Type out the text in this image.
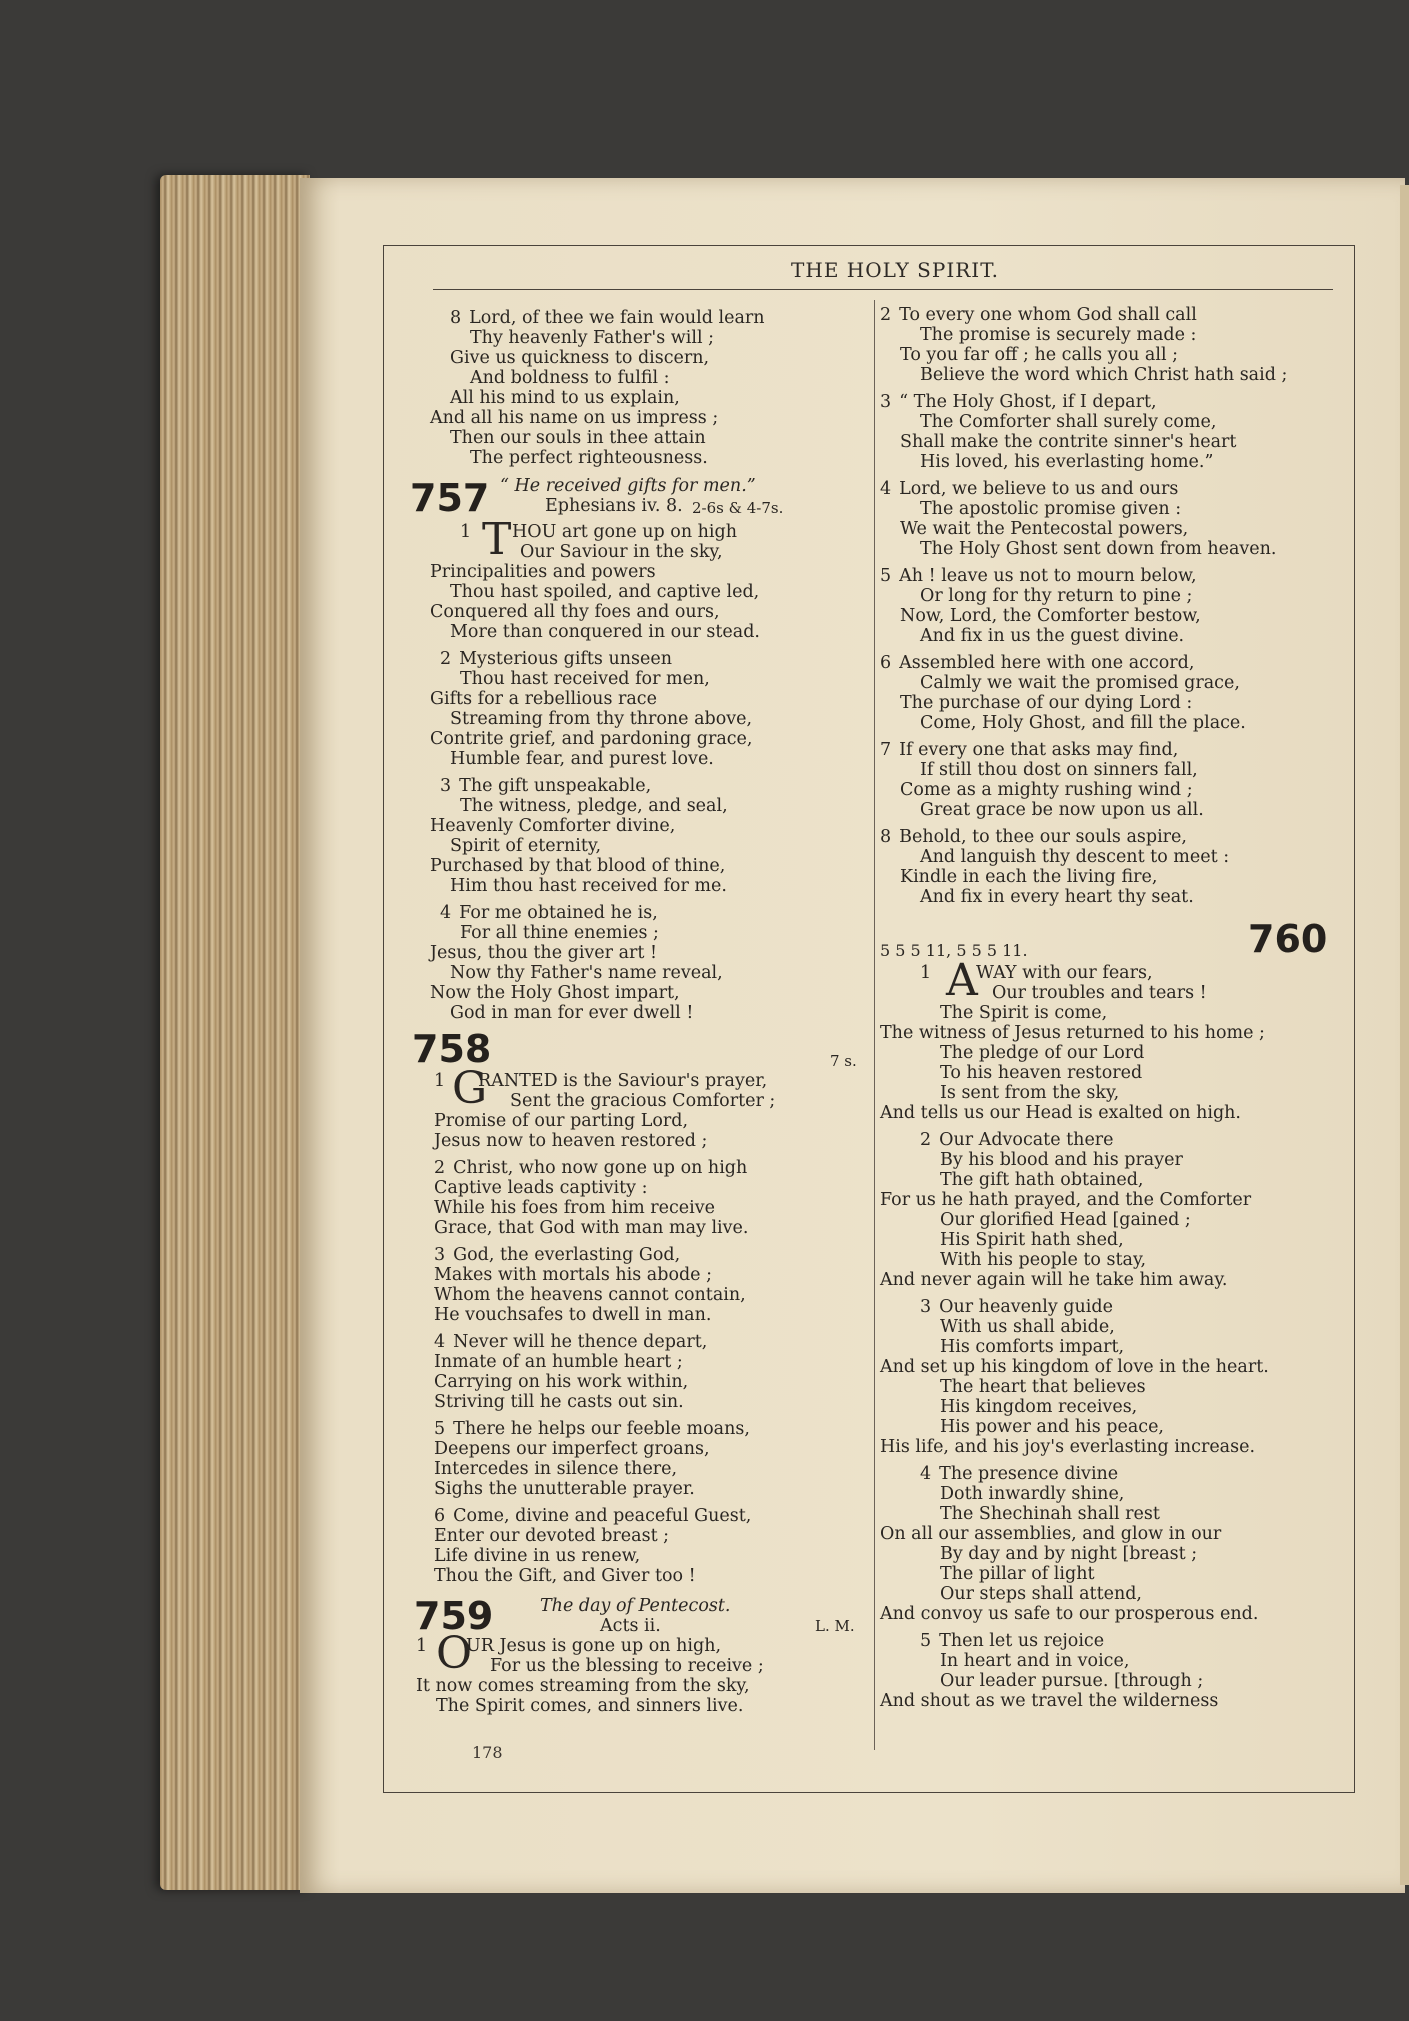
THE HOLY SPIRIT.
8 Lord, of thee we fain would learn
Thy heavenly Father's will ;
Give us quickness to discern,
And boldness to fulfil :
All his mind to us explain,
And all his name on us impress ;
Then our souls in thee attain
The perfect righteousness.
757 “ He received gifts for men.”
Ephesians iv. 8. 2-6s & 4-7s.
1 T HOU art gone up on high
Our Saviour in the sky,
Principalities and powers
Thou hast spoiled, and captive led,
Conquered all thy foes and ours,
More than conquered in our stead.
2 Mysterious gifts unseen
Thou hast received for men,
Gifts for a rebellious race
Streaming from thy throne above,
Contrite grief, and pardoning grace,
Humble fear, and purest love.
3 The gift unspeakable,
The witness, pledge, and seal,
Heavenly Comforter divine,
Spirit of eternity,
Purchased by that blood of thine,
Him thou hast received for me.
4 For me obtained he is,
For all thine enemies ;
Jesus, thou the giver art !
Now thy Father's name reveal,
Now the Holy Ghost impart,
God in man for ever dwell !
758	7 s.
1 G
RANTED is the Saviour's prayer,
Sent the gracious Comforter ;
Promise of our parting Lord,
Jesus now to heaven restored ;
2 Christ, who now gone up on high
Captive leads captivity :
While his foes from him receive
Grace, that God with man may live.
3 God, the everlasting God,
Makes with mortals his abode ;
Whom the heavens cannot contain,
He vouchsafes to dwell in man.
4 Never will he thence depart,
Inmate of an humble heart ;
Carrying on his work within,
Striving till he casts out sin.
5 There he helps our feeble moans,
Deepens our imperfect groans,
Intercedes in silence there,
Sighs the unutterable prayer.
6 Come, divine and peaceful Guest,
Enter our devoted breast ;
Life divine in us renew,
Thou the Gift, and Giver too !
759	The day of Pentecost.
Acts ii.	L. M.
1 O
UR Jesus is gone up on high,
For us the blessing to receive ;
It now comes streaming from the sky,
The Spirit comes, and sinners live.
2 To every one whom God shall call
The promise is securely made :
To you far off ; he calls you all ;
Believe the word which Christ hath said ;
3 “ The Holy Ghost, if I depart,
The Comforter shall surely come,
Shall make the contrite sinner's heart
His loved, his everlasting home.”
4 Lord, we believe to us and ours
The apostolic promise given :
We wait the Pentecostal powers,
The Holy Ghost sent down from heaven.
5 Ah ! leave us not to mourn below,
Or long for thy return to pine ;
Now, Lord, the Comforter bestow,
And fix in us the guest divine.
6 Assembled here with one accord,
Calmly we wait the promised grace,
The purchase of our dying Lord :
Come, Holy Ghost, and fill the place.
7 If every one that asks may find,
If still thou dost on sinners fall,
Come as a mighty rushing wind ;
Great grace be now upon us all.
8 Behold, to thee our souls aspire,
And languish thy descent to meet :
Kindle in each the living fire,
And fix in every heart thy seat.
5 5 5 11, 5 5 5 11.	760
1 A
WAY with our fears,
Our troubles and tears !
The Spirit is come,
The witness of Jesus returned to his home ;
The pledge of our Lord
To his heaven restored
Is sent from the sky,
And tells us our Head is exalted on high.
2 Our Advocate there
By his blood and his prayer
The gift hath obtained,
For us he hath prayed, and the Comforter
Our glorified Head [gained ;
His Spirit hath shed,
With his people to stay,
And never again will he take him away.
3 Our heavenly guide
With us shall abide,
His comforts impart,
And set up his kingdom of love in the heart.
The heart that believes
His kingdom receives,
His power and his peace,
His life, and his joy's everlasting increase.
4 The presence divine
Doth inwardly shine,
The Shechinah shall rest
On all our assemblies, and glow in our
By day and by night [breast ;
The pillar of light
Our steps shall attend,
And convoy us safe to our prosperous end.
5 Then let us rejoice
In heart and in voice,
Our leader pursue. [through ;
And shout as we travel the wilderness
178
